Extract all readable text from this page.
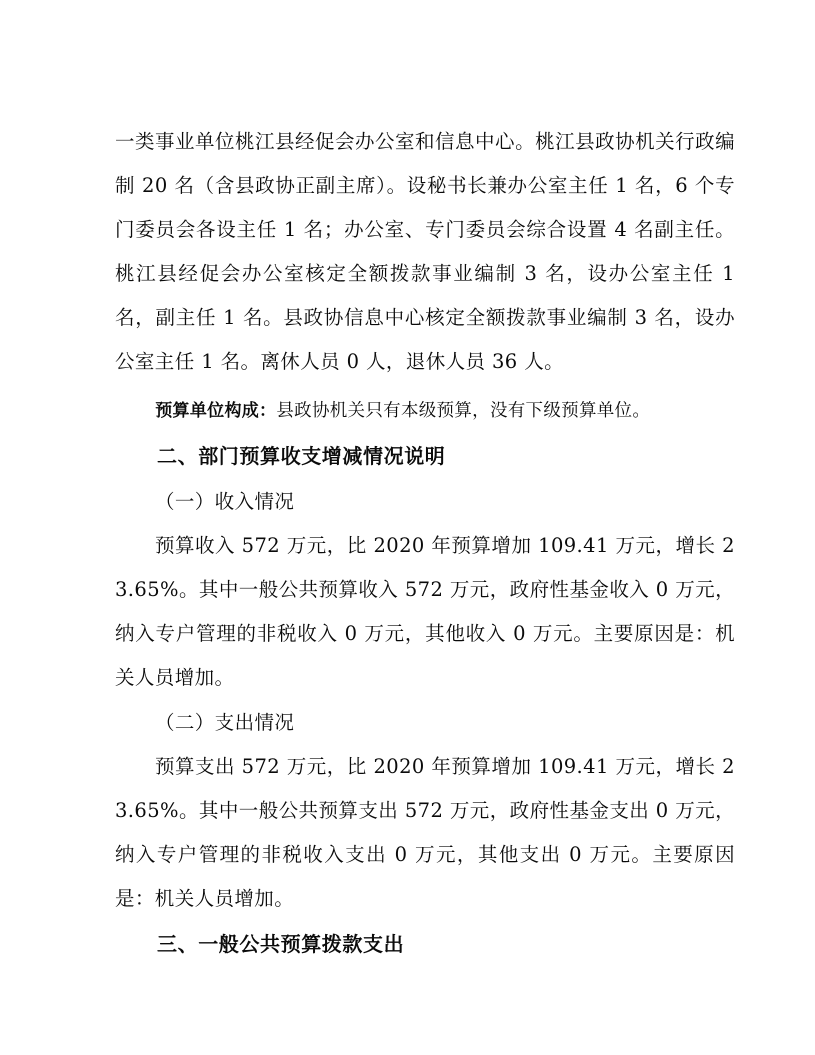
一类事业单位桃江县经促会办公室和信息中心。桃江县政协机关行政编制 20 名（含县政协正副主席）。设秘书长兼办公室主任 1 名，6 个专门委员会各设主任 1 名；办公室、专门委员会综合设置 4 名副主任。桃江县经促会办公室核定全额拨款事业编制 3 名，设办公室主任 1 名，副主任 1 名。县政协信息中心核定全额拨款事业编制 3 名，设办公室主任 1 名。离休人员 0 人，退休人员 36 人。

预算单位构成：县政协机关只有本级预算，没有下级预算单位。

二、部门预算收支增减情况说明

（一）收入情况

预算收入 572 万元，比 2020 年预算增加 109.41 万元，增长 23.65%。其中一般公共预算收入 572 万元，政府性基金收入 0 万元，纳入专户管理的非税收入 0 万元，其他收入 0 万元。主要原因是：机关人员增加。

（二）支出情况

预算支出 572 万元，比 2020 年预算增加 109.41 万元，增长 23.65%。其中一般公共预算支出 572 万元，政府性基金支出 0 万元，纳入专户管理的非税收入支出 0 万元，其他支出 0 万元。主要原因是：机关人员增加。

三、一般公共预算拨款支出
